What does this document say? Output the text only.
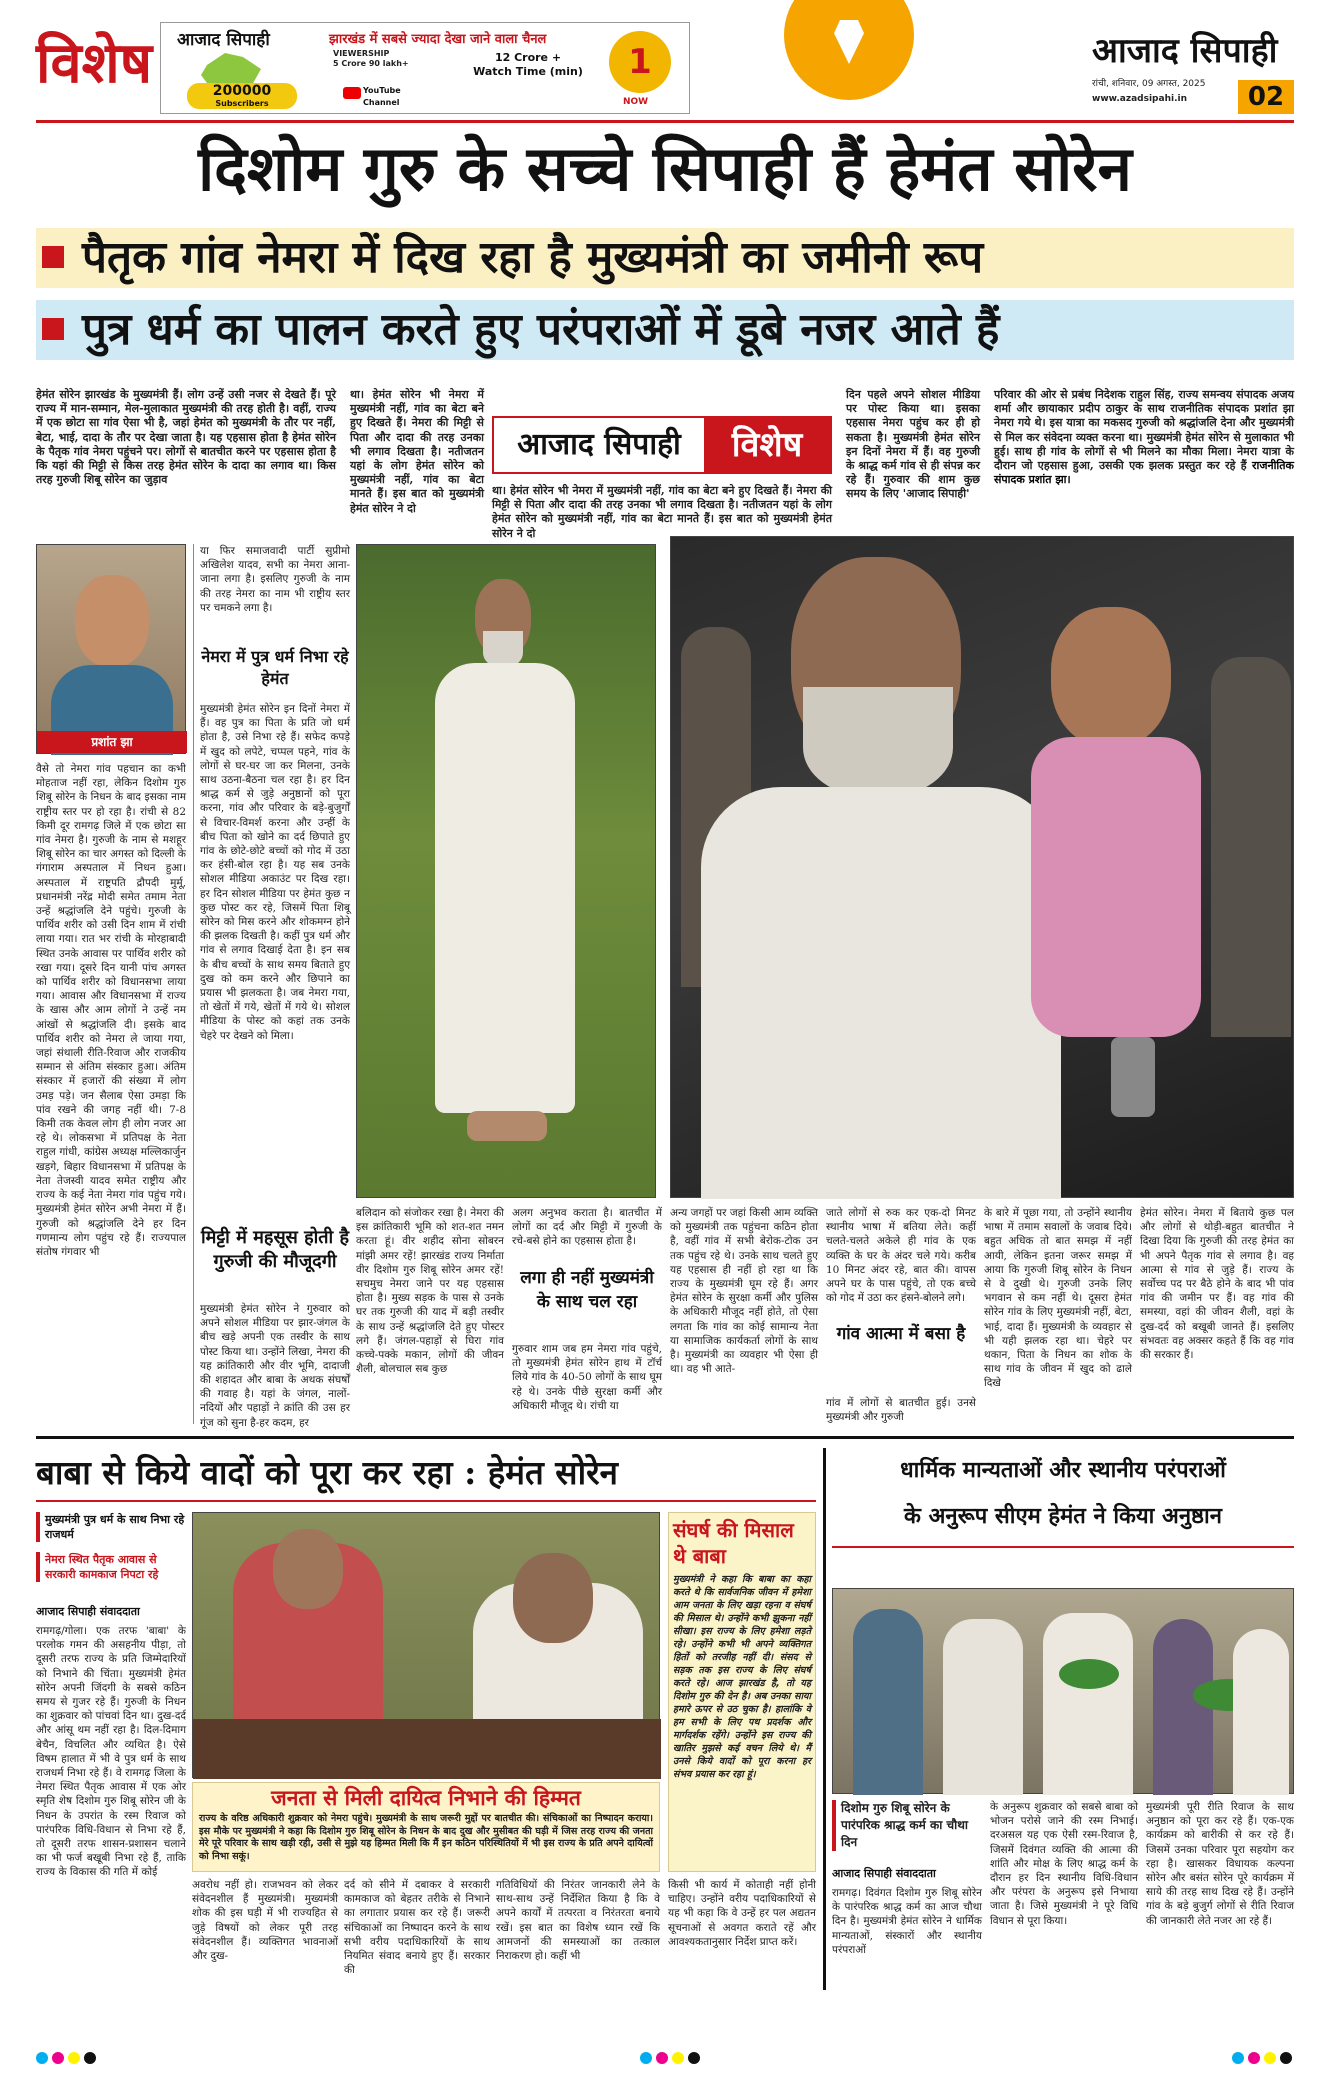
विशेष आजाद सिपाही	झारखंड में सबसे ज्यादा देखा जाने वाला चैनल
200000
Subscribers
VIEWERSHIP
5 Crore 90 lakh+
YouTube
Channel
12 Crore +
Watch Time (min)	1
NOW
आजाद सिपाही
रांची, शनिवार, 09 अगस्त, 2025
www.azadsipahi.in	02
दिशोम गुरु के सच्चे सिपाही हैं हेमंत सोरेन
पैतृक गांव नेमरा में दिख रहा है मुख्यमंत्री का जमीनी रूप
पुत्र धर्म का पालन करते हुए परंपराओं में डूबे नजर आते हैं
हेमंत सोरेन झारखंड के मुख्यमंत्री हैं। लोग उन्हें उसी नजर से देखते हैं। पूरे राज्य में मान-सम्मान, मेल-मुलाकात मुख्यमंत्री की तरह होती है। वहीं, राज्य में एक छोटा सा गांव ऐसा भी है, जहां हेमंत को मुख्यमंत्री के तौर पर नहीं, बेटा, भाई, दादा के तौर पर देखा जाता है। यह एहसास होता है हेमंत सोरेन के पैतृक गांव नेमरा पहुंचने पर। लोगों से बातचीत करने पर एहसास होता है कि यहां की मिट्टी से किस तरह हेमंत सोरेन के दादा का लगाव था। किस तरह गुरुजी शिबू सोरेन का जुड़ाव
था। हेमंत सोरेन भी नेमरा में मुख्यमंत्री नहीं, गांव का बेटा बने हुए दिखते हैं। नेमरा की मिट्टी से पिता और दादा की तरह उनका भी लगाव दिखता है। नतीजतन यहां के लोग हेमंत सोरेन को मुख्यमंत्री नहीं, गांव का बेटा मानते हैं। इस बात को मुख्यमंत्री हेमंत सोरेन ने दो
आजाद सिपाही	विशेष
था। हेमंत सोरेन भी नेमरा में मुख्यमंत्री नहीं, गांव का बेटा बने हुए दिखते हैं। नेमरा की मिट्टी से पिता और दादा की तरह उनका भी लगाव दिखता है। नतीजतन यहां के लोग हेमंत सोरेन को मुख्यमंत्री नहीं, गांव का बेटा मानते हैं। इस बात को मुख्यमंत्री हेमंत सोरेन ने दो
दिन पहले अपने सोशल मीडिया पर पोस्ट किया था। इसका एहसास नेमरा पहुंच कर ही हो सकता है। मुख्यमंत्री हेमंत सोरेन इन दिनों नेमरा में हैं। वह गुरुजी के श्राद्ध कर्म गांव से ही संपन्न कर रहे हैं। गुरुवार की शाम कुछ समय के लिए 'आजाद सिपाही'
परिवार की ओर से प्रबंध निदेशक राहुल सिंह, राज्य समन्वय संपादक अजय शर्मा और छायाकार प्रदीप ठाकुर के साथ राजनीतिक संपादक प्रशांत झा नेमरा गये थे। इस यात्रा का मकसद गुरुजी को श्रद्धांजलि देना और मुख्यमंत्री से मिल कर संवेदना व्यक्त करना था। मुख्यमंत्री हेमंत सोरेन से मुलाकात भी हुई। साथ ही गांव के लोगों से भी मिलने का मौका मिला। नेमरा यात्रा के दौरान जो एहसास हुआ, उसकी एक झलक प्रस्तुत कर रहे हैं राजनीतिक संपादक प्रशांत झा।
प्रशांत झा
वैसे तो नेमरा गांव पहचान का कभी मोहताज नहीं रहा, लेकिन दिशोम गुरु शिबू सोरेन के निधन के बाद इसका नाम राष्ट्रीय स्तर पर हो रहा है। रांची से 82 किमी दूर रामगढ़ जिले में एक छोटा सा गांव नेमरा है। गुरुजी के नाम से मशहूर शिबू सोरेन का चार अगस्त को दिल्ली के गंगाराम अस्पताल में निधन हुआ। अस्पताल में राष्ट्रपति द्रौपदी मुर्मू, प्रधानमंत्री नरेंद्र मोदी समेत तमाम नेता उन्हें श्रद्धांजलि देने पहुंचे। गुरुजी के पार्थिव शरीर को उसी दिन शाम में रांची लाया गया। रात भर रांची के मोरहाबादी स्थित उनके आवास पर पार्थिव शरीर को रखा गया। दूसरे दिन यानी पांच अगस्त को पार्थिव शरीर को विधानसभा लाया गया। आवास और विधानसभा में राज्य के खास और आम लोगों ने उन्हें नम आंखों से श्रद्धांजलि दी। इसके बाद पार्थिव शरीर को नेमरा ले जाया गया, जहां संथाली रीति-रिवाज और राजकीय सम्मान से अंतिम संस्कार हुआ। अंतिम संस्कार में हजारों की संख्या में लोग उमड़ पड़े। जन सैलाब ऐसा उमड़ा कि पांव रखने की जगह नहीं थी। 7-8 किमी तक केवल लोग ही लोग नजर आ रहे थे। लोकसभा में प्रतिपक्ष के नेता राहुल गांधी, कांग्रेस अध्यक्ष मल्लिकार्जुन खड़गे, बिहार विधानसभा में प्रतिपक्ष के नेता तेजस्वी यादव समेत राष्ट्रीय और राज्य के कई नेता नेमरा गांव पहुंच गये। मुख्यमंत्री हेमंत सोरेन अभी नेमरा में हैं। गुरुजी को श्रद्धांजलि देने हर दिन गणमान्य लोग पहुंच रहे हैं। राज्यपाल संतोष गंगवार भी
या फिर समाजवादी पार्टी सुप्रीमो अखिलेश यादव, सभी का नेमरा आना-जाना लगा है। इसलिए गुरुजी के नाम की तरह नेमरा का नाम भी राष्ट्रीय स्तर पर चमकने लगा है।
नेमरा में पुत्र धर्म निभा रहे हेमंत
मुख्यमंत्री हेमंत सोरेन इन दिनों नेमरा में हैं। वह पुत्र का पिता के प्रति जो धर्म होता है, उसे निभा रहे हैं। सफेद कपड़े में खुद को लपेटे, चप्पल पहने, गांव के लोगों से घर-घर जा कर मिलना, उनके साथ उठना-बैठना चल रहा है। हर दिन श्राद्ध कर्म से जुड़े अनुष्ठानों को पूरा करना, गांव और परिवार के बड़े-बुजुर्गों से विचार-विमर्श करना और उन्हीं के बीच पिता को खोने का दर्द छिपाते हुए गांव के छोटे-छोटे बच्चों को गोद में उठा कर हंसी-बोल रहा है। यह सब उनके सोशल मीडिया अकाउंट पर दिख रहा। हर दिन सोशल मीडिया पर हेमंत कुछ न कुछ पोस्ट कर रहे, जिसमें पिता शिबू सोरेन को मिस करने और शोकमग्न होने की झलक दिखती है। कहीं पुत्र धर्म और गांव से लगाव दिखाई देता है। इन सब के बीच बच्चों के साथ समय बिताते हुए दुख को कम करने और छिपाने का प्रयास भी झलकता है। जब नेमरा गया, तो खेतों में गये, खेतों में गये थे। सोशल मीडिया के पोस्ट को कहां तक उनके चेहरे पर देखने को मिला।
मिट्टी में महसूस होती है गुरुजी की मौजूदगी
मुख्यमंत्री हेमंत सोरेन ने गुरुवार को अपने सोशल मीडिया पर झार-जंगल के बीच खड़े अपनी एक तस्वीर के साथ पोस्ट किया था। उन्होंने लिखा, नेमरा की यह क्रांतिकारी और वीर भूमि, दादाजी की शहादत और बाबा के अथक संघर्षों की गवाह है। यहां के जंगल, नालों-नदियों और पहाड़ों ने क्रांति की उस हर गूंज को सुना है-हर कदम, हर
बलिदान को संजोकर रखा है। नेमरा की इस क्रांतिकारी भूमि को शत-शत नमन करता हूं। वीर शहीद सोना सोबरन मांझी अमर रहें! झारखंड राज्य निर्माता वीर दिशोम गुरु शिबू सोरेन अमर रहें! सचमुच नेमरा जाने पर यह एहसास होता है। मुख्य सड़क के पास से उनके घर तक गुरुजी की याद में बड़ी तस्वीर के साथ उन्हें श्रद्धांजलि देते हुए पोस्टर लगे हैं। जंगल-पहाड़ों से घिरा गांव कच्चे-पक्के मकान, लोगों की जीवन शैली, बोलचाल सब कुछ
अलग अनुभव कराता है। बातचीत में लोगों का दर्द और मिट्टी में गुरुजी के रचे-बसे होने का एहसास होता है।
लगा ही नहीं मुख्यमंत्री के साथ चल रहा
गुरुवार शाम जब हम नेमरा गांव पहुंचे, तो मुख्यमंत्री हेमंत सोरेन हाथ में टॉर्च लिये गांव के 40-50 लोगों के साथ घूम रहे थे। उनके पीछे सुरक्षा कर्मी और अधिकारी मौजूद थे। रांची या
अन्य जगहों पर जहां किसी आम व्यक्ति को मुख्यमंत्री तक पहुंचना कठिन होता है, वहीं गांव में सभी बेरोक-टोक उन तक पहुंच रहे थे। उनके साथ चलते हुए यह एहसास ही नहीं हो रहा था कि राज्य के मुख्यमंत्री घूम रहे हैं। अगर हेमंत सोरेन के सुरक्षा कर्मी और पुलिस के अधिकारी मौजूद नहीं होते, तो ऐसा लगता कि गांव का कोई सामान्य नेता या सामाजिक कार्यकर्ता लोगों के साथ है। मुख्यमंत्री का व्यवहार भी ऐसा ही था। वह भी आते-
जाते लोगों से रुक कर एक-दो मिनट स्थानीय भाषा में बतिया लेते। कहीं चलते-चलते अकेले ही गांव के एक व्यक्ति के घर के अंदर चले गये। करीब 10 मिनट अंदर रहे, बात की। वापस अपने घर के पास पहुंचे, तो एक बच्चे को गोद में उठा कर हंसने-बोलने लगे।
गांव आत्मा में बसा है
गांव में लोगों से बातचीत हुई। उनसे मुख्यमंत्री और गुरुजी
के बारे में पूछा गया, तो उन्होंने स्थानीय भाषा में तमाम सवालों के जवाब दिये। बहुत अधिक तो बात समझ में नहीं आयी, लेकिन इतना जरूर समझ में आया कि गुरुजी शिबू सोरेन के निधन से वे दुखी थे। गुरुजी उनके लिए भगवान से कम नहीं थे। दूसरा हेमंत सोरेन गांव के लिए मुख्यमंत्री नहीं, बेटा, भाई, दादा हैं। मुख्यमंत्री के व्यवहार से भी यही झलक रहा था। चेहरे पर थकान, पिता के निधन का शोक के साथ गांव के जीवन में खुद को ढाले दिखे
हेमंत सोरेन। नेमरा में बिताये कुछ पल और लोगों से थोड़ी-बहुत बातचीत ने दिखा दिया कि गुरुजी की तरह हेमंत का भी अपने पैतृक गांव से लगाव है। वह आत्मा से गांव से जुड़े हैं। राज्य के सर्वोच्च पद पर बैठे होने के बाद भी पांव गांव की जमीन पर हैं। वह गांव की समस्या, वहां की जीवन शैली, वहां के दुख-दर्द को बखूबी जानते हैं। इसलिए संभवतः वह अक्सर कहते हैं कि वह गांव की सरकार हैं।
बाबा से किये वादों को पूरा कर रहा : हेमंत सोरेन
मुख्यमंत्री पुत्र धर्म के साथ निभा रहे राजधर्म
नेमरा स्थित पैतृक आवास से सरकारी कामकाज निपटा रहे
आजाद सिपाही संवाददाता
रामगढ़/गोला। एक तरफ 'बाबा' के परलोक गमन की असहनीय पीड़ा, तो दूसरी तरफ राज्य के प्रति जिम्मेदारियों को निभाने की चिंता। मुख्यमंत्री हेमंत सोरेन अपनी जिंदगी के सबसे कठिन समय से गुजर रहे हैं। गुरुजी के निधन का शुक्रवार को पांचवां दिन था। दुख-दर्द और आंसू थम नहीं रहा है। दिल-दिमाग बेचैन, विचलित और व्यथित है। ऐसे विषम हालात में भी वे पुत्र धर्म के साथ राजधर्म निभा रहे हैं। वे रामगढ़ जिला के नेमरा स्थित पैतृक आवास में एक ओर स्मृति शेष दिशोम गुरु शिबू सोरेन जी के निधन के उपरांत के रस्म रिवाज को पारंपरिक विधि-विधान से निभा रहे हैं, तो दूसरी तरफ शासन-प्रशासन चलाने का भी फर्ज बखूबी निभा रहे हैं, ताकि राज्य के विकास की गति में कोई
जनता से मिली दायित्व निभाने की हिम्मत
राज्य के वरिष्ठ अधिकारी शुक्रवार को नेमरा पहुंचे। मुख्यमंत्री के साथ जरूरी मुद्दों पर बातचीत की। संचिकाओं का निष्पादन कराया। इस मौके पर मुख्यमंत्री ने कहा कि दिशोम गुरु शिबू सोरेन के निधन के बाद दुख और मुसीबत की घड़ी में जिस तरह राज्य की जनता मेरे पूरे परिवार के साथ खड़ी रही, उसी से मुझे यह हिम्मत मिली कि मैं इन कठिन परिस्थितियों में भी इस राज्य के प्रति अपने दायित्वों को निभा सकूं।
अवरोध नहीं हो। राजभवन को लेकर संवेदनशील हैं मुख्यमंत्री। मुख्यमंत्री शोक की इस घड़ी में भी राज्यहित से जुड़े विषयों को लेकर पूरी तरह संवेदनशील हैं। व्यक्तिगत भावनाओं और दुख-
दर्द को सीने में दबाकर वे सरकारी कामकाज को बेहतर तरीके से निभाने का लगातार प्रयास कर रहे हैं। जरूरी संचिकाओं का निष्पादन करने के साथ सभी वरीय पदाधिकारियों के साथ नियमित संवाद बनाये हुए हैं। सरकार की
गतिविधियों की निरंतर जानकारी लेने के साथ-साथ उन्हें निर्देशित किया है कि वे अपने कार्यों में तत्परता व निरंतरता बनाये रखें। इस बात का विशेष ध्यान रखें कि आमजनों की समस्याओं का तत्काल निराकरण हो। कहीं भी
संघर्ष की मिसाल थे बाबा
मुख्यमंत्री ने कहा कि बाबा का कहा करते थे कि सार्वजनिक जीवन में हमेशा आम जनता के लिए खड़ा रहना व संघर्ष की मिसाल थे। उन्होंने कभी झुकना नहीं सीखा। इस राज्य के लिए हमेशा लड़ते रहे। उन्होंने कभी भी अपने व्यक्तिगत हितों को तरजीह नहीं दी। संसद से सड़क तक इस राज्य के लिए संघर्ष करते रहे। आज झारखंड है, तो यह दिशोम गुरु की देन है। अब उनका साया हमारे ऊपर से उठ चुका है। हालांकि वे हम सभी के लिए पथ प्रदर्शक और मार्गदर्शक रहेंगे। उन्होंने इस राज्य की खातिर मुझसे कई वचन लिये थे। मैं उनसे किये वादों को पूरा करना हर संभव प्रयास कर रहा हूं।
किसी भी कार्य में कोताही नहीं होनी चाहिए। उन्होंने वरीय पदाधिकारियों से यह भी कहा कि वे उन्हें हर पल अद्यतन सूचनाओं से अवगत कराते रहें और आवश्यकतानुसार निर्देश प्राप्त करें।
धार्मिक मान्यताओं और स्थानीय परंपराओं
के अनुरूप सीएम हेमंत ने किया अनुष्ठान
दिशोम गुरु शिबू सोरेन के पारंपरिक श्राद्ध कर्म का चौथा दिन
आजाद सिपाही संवाददाता
रामगढ़। दिवंगत दिशोम गुरु शिबू सोरेन के पारंपरिक श्राद्ध कर्म का आज चौथा दिन है। मुख्यमंत्री हेमंत सोरेन ने धार्मिक मान्यताओं, संस्कारों और स्थानीय परंपराओं
के अनुरूप शुक्रवार को सबसे बाबा को भोजन परोसे जाने की रस्म निभाई। दरअसल यह एक ऐसी रस्म-रिवाज है, जिसमें दिवंगत व्यक्ति की आत्मा की शांति और मोक्ष के लिए श्राद्ध कर्म के दौरान हर दिन स्थानीय विधि-विधान और परंपरा के अनुरूप इसे निभाया जाता है। जिसे मुख्यमंत्री ने पूरे विधि विधान से पूरा किया।
मुख्यमंत्री पूरी रीति रिवाज के साथ अनुष्ठान को पूरा कर रहे हैं। एक-एक कार्यक्रम को बारीकी से कर रहे हैं। जिसमें उनका परिवार पूरा सहयोग कर रहा है। खासकर विधायक कल्पना सोरेन और बसंत सोरेन पूरे कार्यक्रम में साये की तरह साथ दिख रहे हैं। उन्होंने गांव के बड़े बुजुर्ग लोगों से रीति रिवाज की जानकारी लेते नजर आ रहे हैं।
